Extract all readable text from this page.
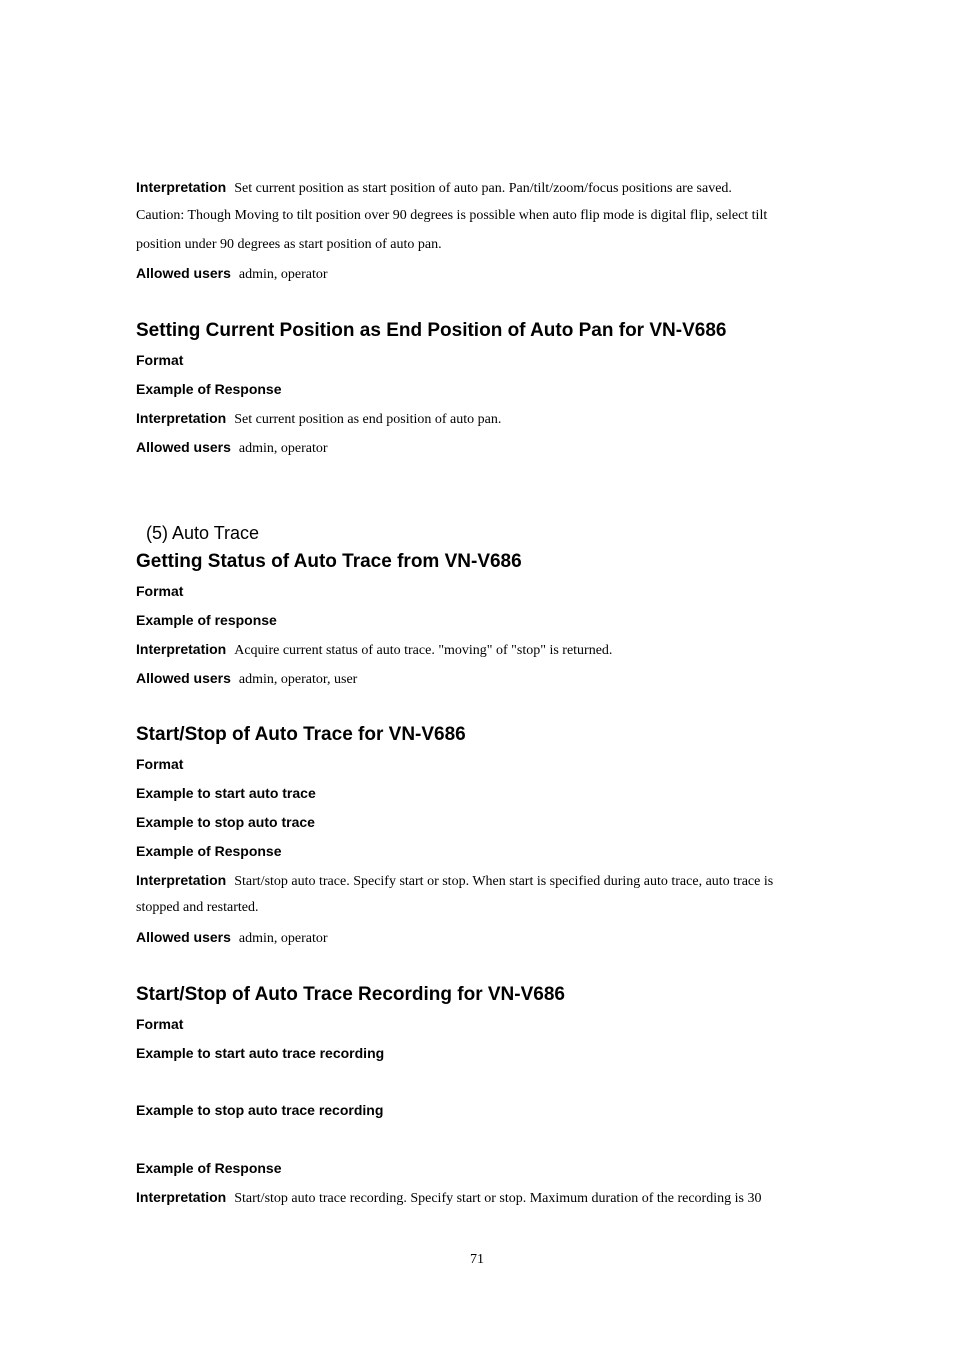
Interpretation Set current position as start position of auto pan. Pan/tilt/zoom/focus positions are saved.
Caution: Though Moving to tilt position over 90 degrees is possible when auto flip mode is digital flip, select tilt
position under 90 degrees as start position of auto pan.
Allowed users admin, operator
Setting Current Position as End Position of Auto Pan for VN-V686
Format
Example of Response
Interpretation Set current position as end position of auto pan.
Allowed users admin, operator
(5) Auto Trace
Getting Status of Auto Trace from VN-V686
Format
Example of response
Interpretation Acquire current status of auto trace. "moving" of "stop" is returned.
Allowed users admin, operator, user
Start/Stop of Auto Trace for VN-V686
Format
Example to start auto trace
Example to stop auto trace
Example of Response
Interpretation Start/stop auto trace. Specify start or stop. When start is specified during auto trace, auto trace is
stopped and restarted.
Allowed users admin, operator
Start/Stop of Auto Trace Recording for VN-V686
Format
Example to start auto trace recording
Example to stop auto trace recording
Example of Response
Interpretation Start/stop auto trace recording. Specify start or stop. Maximum duration of the recording is 30
71
